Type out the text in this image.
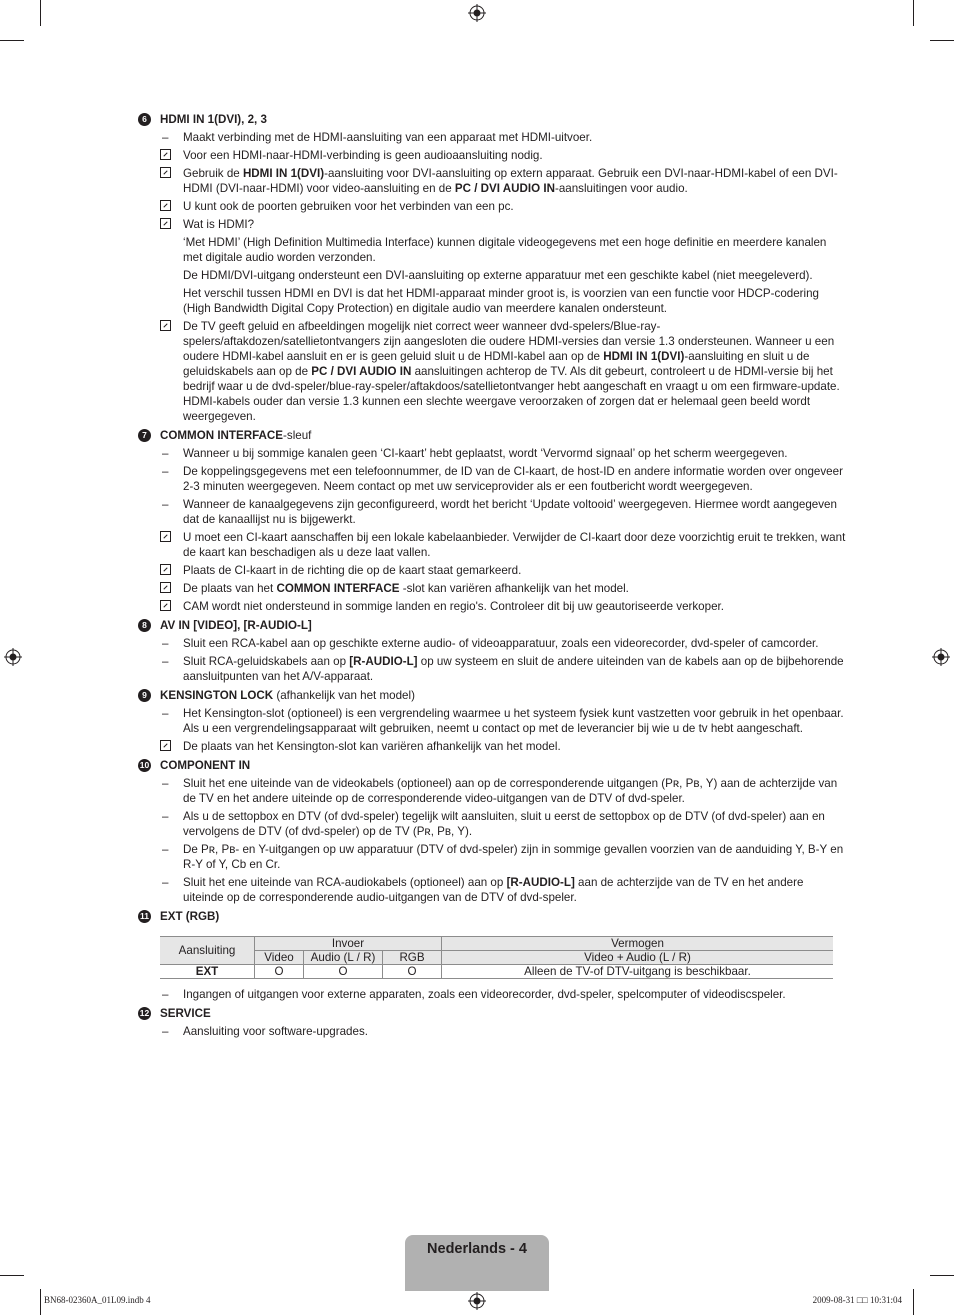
6	HDMI IN 1(DVI), 2, 3
– Maakt verbinding met de HDMI-aansluiting van een apparaat met HDMI-uitvoer.
Voor een HDMI-naar-HDMI-verbinding is geen audioaansluiting nodig.
Gebruik de HDMI IN 1(DVI)-aansluiting voor DVI-aansluiting op extern apparaat. Gebruik een DVI-naar-HDMI-kabel of een DVI-HDMI (DVI-naar-HDMI) voor video-aansluiting en de PC / DVI AUDIO IN-aansluitingen voor audio.
U kunt ook de poorten gebruiken voor het verbinden van een pc.
Wat is HDMI?
‘Met HDMI’ (High Definition Multimedia Interface) kunnen digitale videogegevens met een hoge definitie en meerdere kanalen met digitale audio worden verzonden.
De HDMI/DVI-uitgang ondersteunt een DVI-aansluiting op externe apparatuur met een geschikte kabel (niet meegeleverd).
Het verschil tussen HDMI en DVI is dat het HDMI-apparaat minder groot is, is voorzien van een functie voor HDCP-codering (High Bandwidth Digital Copy Protection) en digitale audio van meerdere kanalen ondersteunt.
De TV geeft geluid en afbeeldingen mogelijk niet correct weer wanneer dvd-spelers/Blue-ray-spelers/aftakdozen/satellietontvangers zijn aangesloten die oudere HDMI-versies dan versie 1.3 ondersteunen. Wanneer u een oudere HDMI-kabel aansluit en er is geen geluid sluit u de HDMI-kabel aan op de HDMI IN 1(DVI)-aansluiting en sluit u de geluidskabels aan op de PC / DVI AUDIO IN aansluitingen achterop de TV. Als dit gebeurt, controleert u de HDMI-versie bij het bedrijf waar u de dvd-speler/blue-ray-speler/aftakdoos/satellietontvanger hebt aangeschaft en vraagt u om een firmware-update. HDMI-kabels ouder dan versie 1.3 kunnen een slechte weergave veroorzaken of zorgen dat er helemaal geen beeld wordt weergegeven.
7	COMMON INTERFACE-sleuf
– Wanneer u bij sommige kanalen geen ‘CI-kaart’ hebt geplaatst, wordt ‘Vervormd signaal’ op het scherm weergegeven.
– De koppelingsgegevens met een telefoonnummer, de ID van de CI-kaart, de host-ID en andere informatie worden over ongeveer 2-3 minuten weergegeven. Neem contact op met uw serviceprovider als er een foutbericht wordt weergegeven.
– Wanneer de kanaalgegevens zijn geconfigureerd, wordt het bericht ‘Update voltooid’ weergegeven. Hiermee wordt aangegeven dat de kanaallijst nu is bijgewerkt.
U moet een CI-kaart aanschaffen bij een lokale kabelaanbieder. Verwijder de CI-kaart door deze voorzichtig eruit te trekken, want de kaart kan beschadigen als u deze laat vallen.
Plaats de CI-kaart in de richting die op de kaart staat gemarkeerd.
De plaats van het COMMON INTERFACE -slot kan variëren afhankelijk van het model.
CAM wordt niet ondersteund in sommige landen en regio's. Controleer dit bij uw geautoriseerde verkoper.
8	AV IN [VIDEO], [R-AUDIO-L]
– Sluit een RCA-kabel aan op geschikte externe audio- of videoapparatuur, zoals een videorecorder, dvd-speler of camcorder.
– Sluit RCA-geluidskabels aan op [R-AUDIO-L] op uw systeem en sluit de andere uiteinden van de kabels aan op de bijbehorende aansluitpunten van het A/V-apparaat.
9	KENSINGTON LOCK (afhankelijk van het model)
– Het Kensington-slot (optioneel) is een vergrendeling waarmee u het systeem fysiek kunt vastzetten voor gebruik in het openbaar. Als u een vergrendelingsapparaat wilt gebruiken, neemt u contact op met de leverancier bij wie u de tv hebt aangeschaft.
De plaats van het Kensington-slot kan variëren afhankelijk van het model.
10 COMPONENT IN
– Sluit het ene uiteinde van de videokabels (optioneel) aan op de corresponderende uitgangen (Pʀ, Pʙ, Y) aan de achterzijde van de TV en het andere uiteinde op de corresponderende video-uitgangen van de DTV of dvd-speler.
– Als u de settopbox en DTV (of dvd-speler) tegelijk wilt aansluiten, sluit u eerst de settopbox op de DTV (of dvd-speler) aan en vervolgens de DTV (of dvd-speler) op de TV (Pʀ, Pʙ, Y).
– De Pʀ, Pʙ- en Y-uitgangen op uw apparatuur (DTV of dvd-speler) zijn in sommige gevallen voorzien van de aanduiding Y, B-Y en R-Y of Y, Cb en Cr.
– Sluit het ene uiteinde van RCA-audiokabels (optioneel) aan op [R-AUDIO-L] aan de achterzijde van de TV en het andere uiteinde op de corresponderende audio-uitgangen van de DTV of dvd-speler.
11 EXT (RGB)
Aansluiting	Invoer			Vermogen
	Video	Audio (L / R)	RGB	Video + Audio (L / R)
EXT	O	O	O	Alleen de TV-of DTV-uitgang is beschikbaar.
– Ingangen of uitgangen voor externe apparaten, zoals een videorecorder, dvd-speler, spelcomputer of videodiscspeler.
12 SERVICE
– Aansluiting voor software-upgrades.
Nederlands - 4
BN68-02360A_01L09.indb 4	2009-08-31 □□ 10:31:04
